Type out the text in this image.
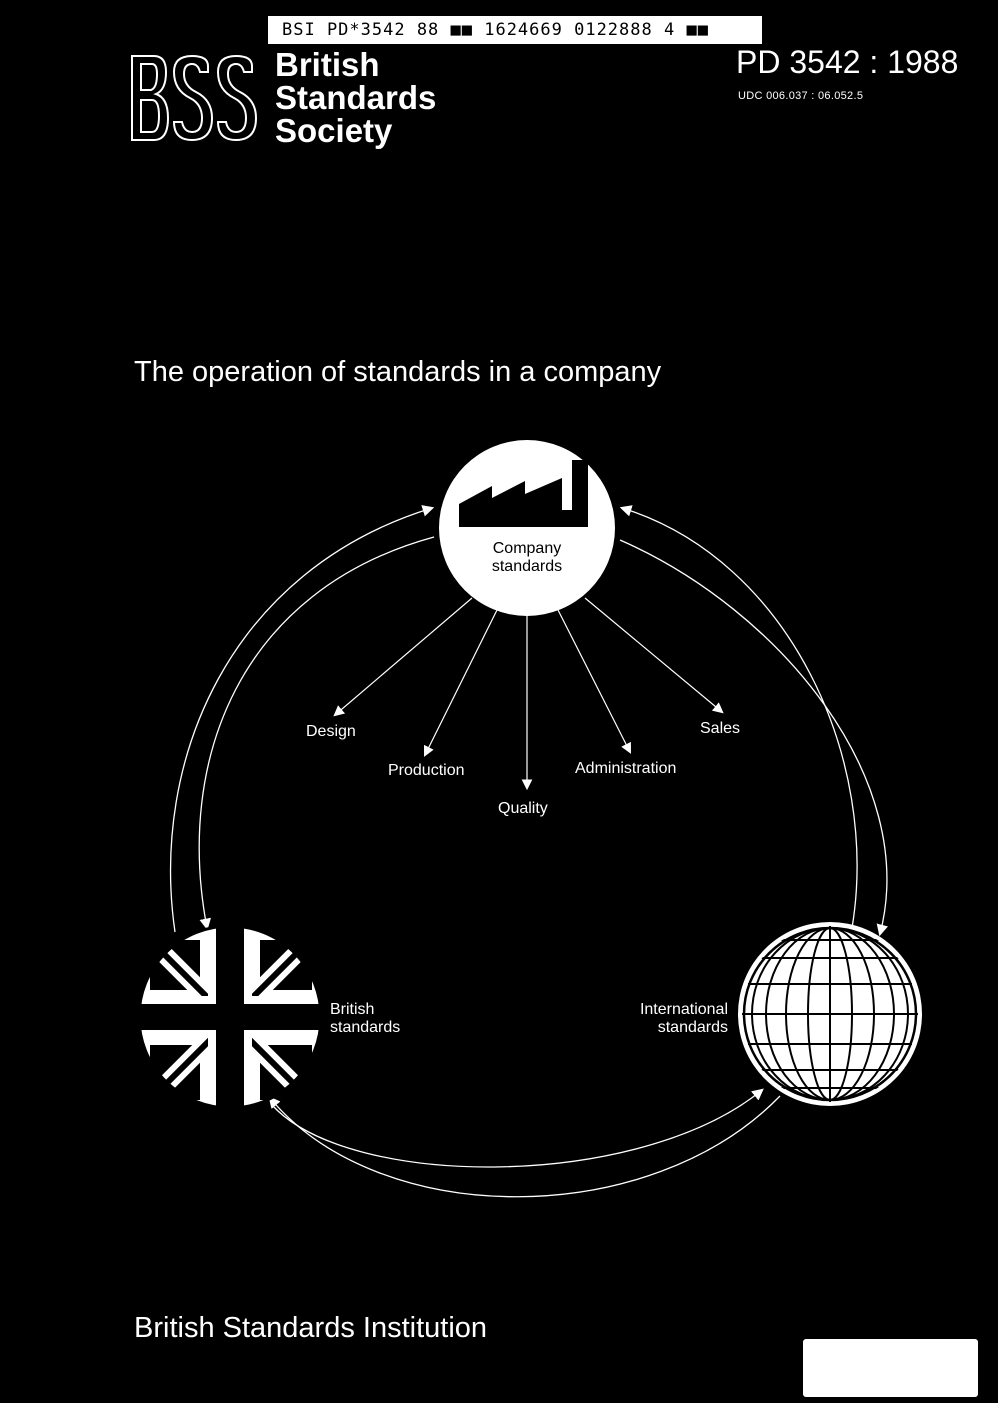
BSI PD*3542 88 ■■ 1624669 0122888 4 ■■
British
Standards
Society
PD 3542 : 1988
UDC 006.037 : 06.052.5
The operation of standards in a company
Company
standards
Design
Production
Quality
Administration
Sales
British
standards
International
standards
British Standards Institution
